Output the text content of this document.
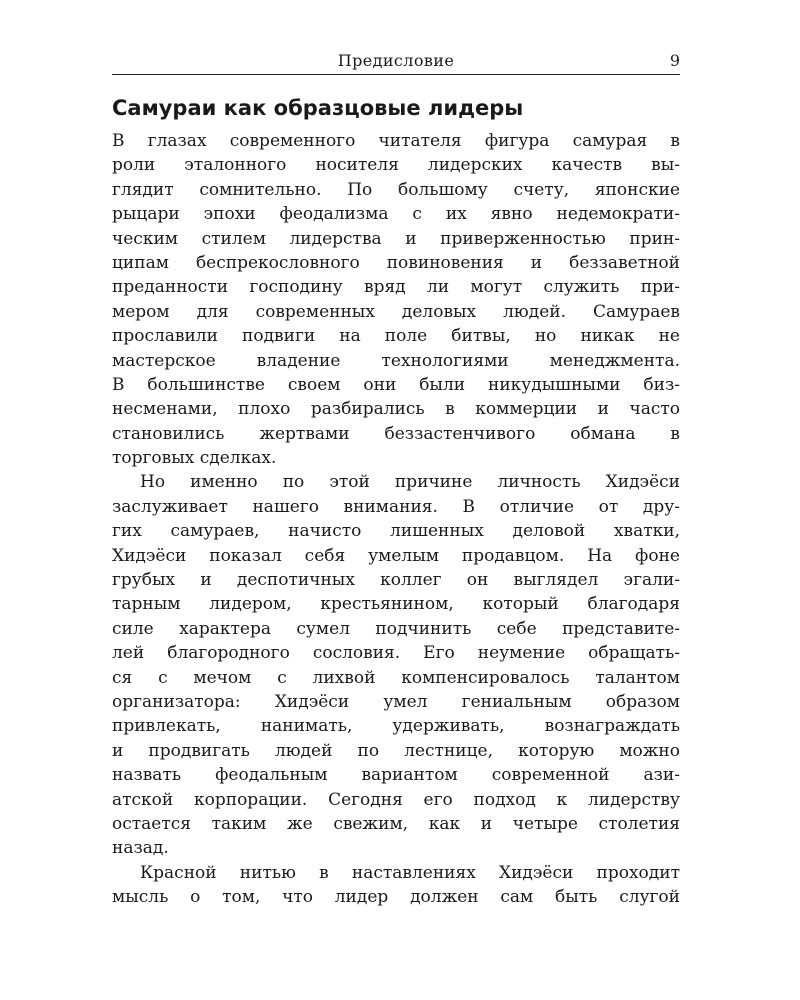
Предисловие	9
Самураи как образцовые лидеры
В глазах современного читателя фигура самурая в
роли эталонного носителя лидерских качеств вы-
глядит сомнительно. По большому счету, японские
рыцари эпохи феодализма с их явно недемократи-
ческим стилем лидерства и приверженностью прин-
ципам беспрекословного повиновения и беззаветной
преданности господину вряд ли могут служить при-
мером для современных деловых людей. Самураев
прославили подвиги на поле битвы, но никак не
мастерское владение технологиями менеджмента.
В большинстве своем они были никудышными биз-
несменами, плохо разбирались в коммерции и часто
становились жертвами беззастенчивого обмана в
торговых сделках.
Но именно по этой причине личность Хидэёси
заслуживает нашего внимания. В отличие от дру-
гих самураев, начисто лишенных деловой хватки,
Хидэёси показал себя умелым продавцом. На фоне
грубых и деспотичных коллег он выглядел эгали-
тарным лидером, крестьянином, который благодаря
силе характера сумел подчинить себе представите-
лей благородного сословия. Его неумение обращать-
ся с мечом с лихвой компенсировалось талантом
организатора: Хидэёси умел гениальным образом
привлекать, нанимать, удерживать, вознаграждать
и продвигать людей по лестнице, которую можно
назвать феодальным вариантом современной ази-
атской корпорации. Сегодня его подход к лидерству
остается таким же свежим, как и четыре столетия
назад.
Красной нитью в наставлениях Хидэёси проходит
мысль о том, что лидер должен сам быть слугой
